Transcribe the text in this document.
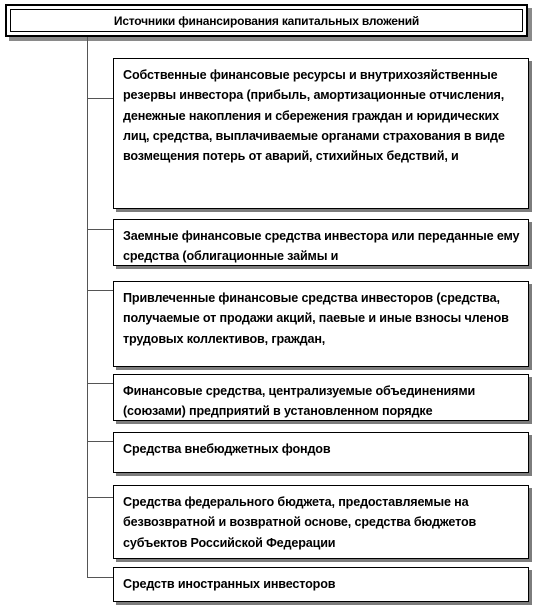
Источники финансирования капитальных вложений
Собственные финансовые ресурсы и внутрихозяйственные резервы инвестора (прибыль, амортизационные отчисления, денежные накопления и сбережения граждан и юридических лиц, средства, выплачиваемые органами страхования в виде возмещения потерь от аварий, стихийных бедствий, и
Заемные финансовые средства инвестора или переданные ему средства (облигационные займы и
Привлеченные финансовые средства инвесторов (средства, получаемые от продажи акций, паевые и иные взносы членов трудовых коллективов, граждан,
Финансовые средства, централизуемые объединениями (союзами) предприятий в установленном порядке
Средства внебюджетных фондов
Средства федерального бюджета, предоставляемые на безвозвратной и возвратной основе, средства бюджетов субъектов Российской Федерации
Средств иностранных инвесторов
